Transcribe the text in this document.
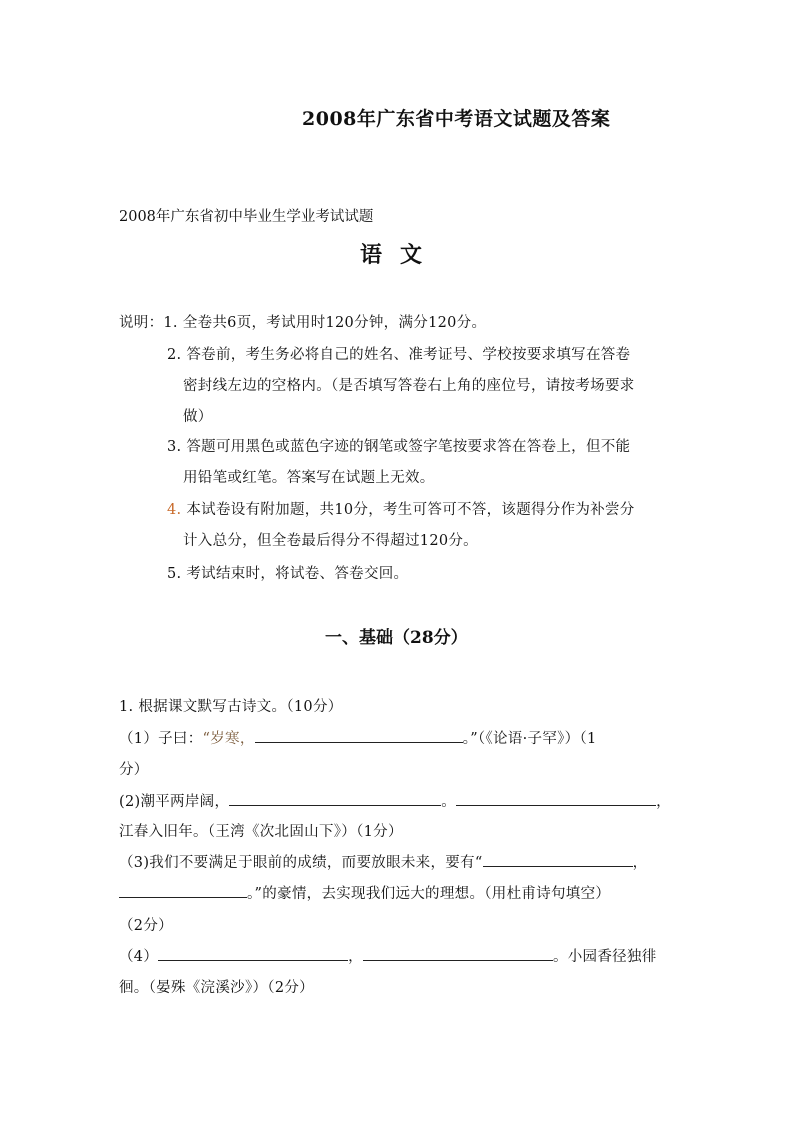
2008年广东省中考语文试题及答案
2008年广东省初中毕业生学业考试试题
语文
说明：1. 全卷共6页，考试用时120分钟，满分120分。
2. 答卷前，考生务必将自己的姓名、准考证号、学校按要求填写在答卷
密封线左边的空格内。（是否填写答卷右上角的座位号，请按考场要求
做）
3. 答题可用黑色或蓝色字迹的钢笔或签字笔按要求答在答卷上，但不能
用铅笔或红笔。答案写在试题上无效。
4. 本试卷设有附加题，共10分，考生可答可不答，该题得分作为补尝分
计入总分，但全卷最后得分不得超过120分。
5. 考试结束时，将试卷、答卷交回。
一、基础（28分）
1. 根据课文默写古诗文。（10分）
（1）子曰：“岁寒，	。”（《论语·子罕》）（1
分）
(2)潮平两岸阔，	。	，
江春入旧年。（王湾《次北固山下》）（1分）
（3)我们不要满足于眼前的成绩，而要放眼未来，要有“	，
。”的豪情，去实现我们远大的理想。（用杜甫诗句填空）
（2分）
（4）	，	。小园香径独徘
徊。（晏殊《浣溪沙》）（2分）
